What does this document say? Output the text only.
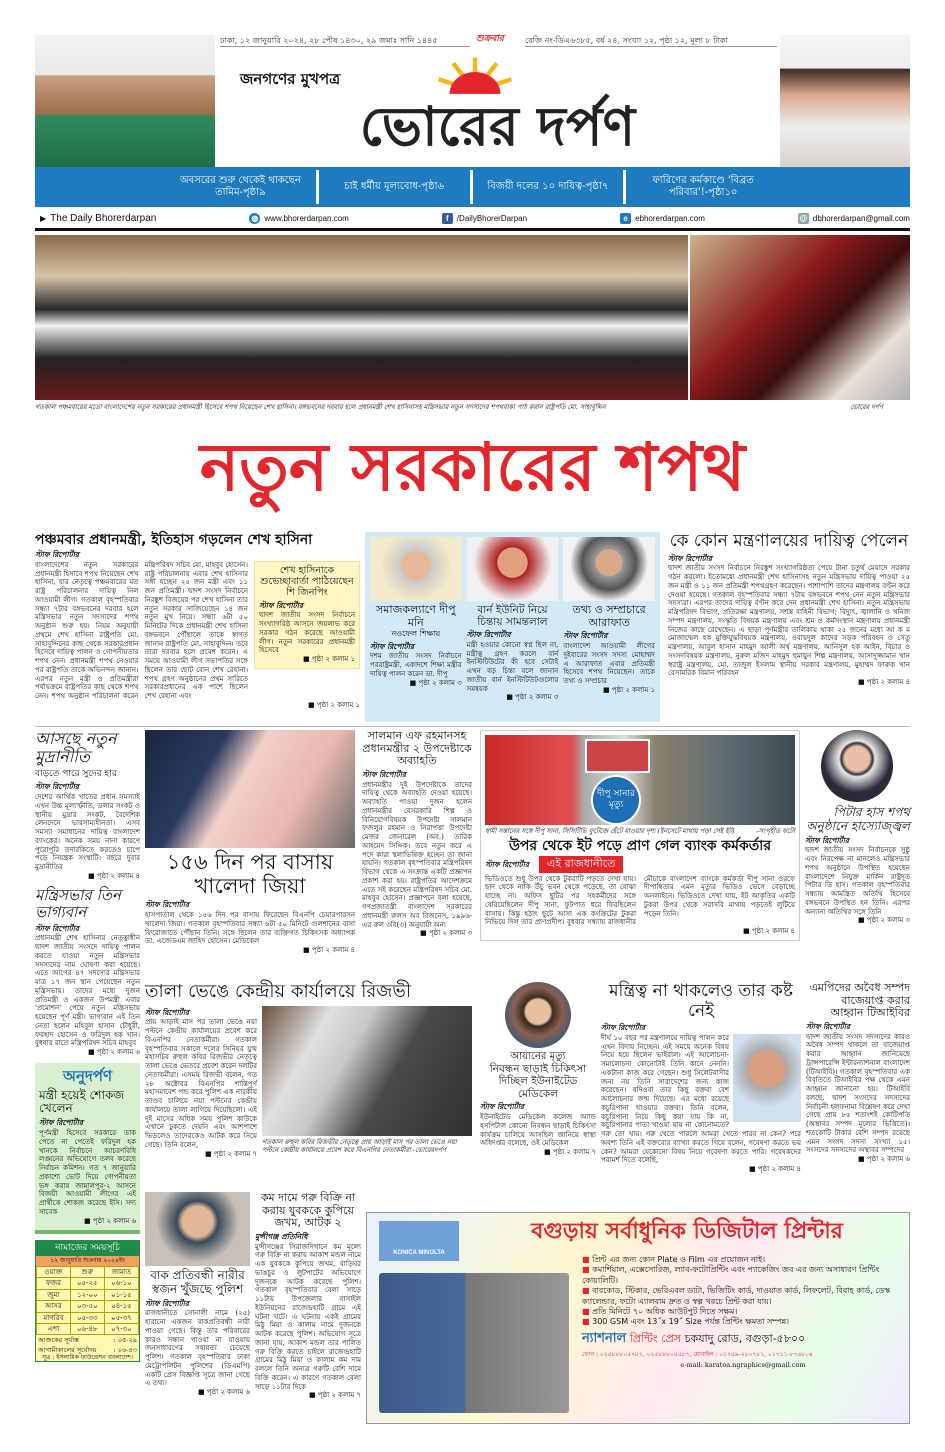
ঢাকা, ১২ জানুয়ারি ২০২৪, ২৮ পৌষ ১৪৩০, ২৯ জমাঃ সানি ১৪৪৫	শুক্রবার	রেজি নং-ডিএ৬৩৮৫, বর্ষ ২৪, সংখ্যা ১২, পৃষ্ঠা ১২, মূল্য ৮ টাকা
জনগণের মুখপত্র
ভোরের দর্পণ
অবসরের শুরু থেকেই থাকছেন তামিম-পৃষ্ঠা৯
চাই ধর্মীয় মূল্যবোধ-পৃষ্ঠা৬	বিজয়ী দলের ১০ দায়িত্ব-পৃষ্ঠা৭
ফারিণের কর্মকাণ্ডে 'বিব্রত পরিবার'!-পৃষ্ঠা১০
▶ The Daily Bhorerdarpan	◍ www.bhorerdarpan.com	f	/DailyBhorerDarpan	e ebhorerdarpan.com	@ dbhorerdarpan@gmail.com
গতকাল পঞ্চমবারের মতো বাংলাদেশের নতুন সরকারের প্রধানমন্ত্রী হিসেবে শপথ নিয়েছেন শেখ হাসিনা। বঙ্গভবনের দরবার হলে প্রধানমন্ত্রী শেখ হাসিনাসহ মন্ত্রিসভার নতুন সদস্যদের শপথবাক্য পাঠ করান রাষ্ট্রপতি মো. সাহাবুদ্দিন	ভোরের দর্পণ
নতুন সরকারের শপথ
পঞ্চমবার প্রধানমন্ত্রী, ইতিহাস গড়লেন শেখ হাসিনা
স্টাফ রিপোর্টার
বাংলাদেশের নতুন সরকারের প্রধানমন্ত্রী হিসাবে শপথ নিয়েছেন শেখ হাসিনা, যার নেতৃত্বে পঞ্চমবারের মত রাষ্ট্র পরিচালনার দায়িত্ব নিল আওয়ামী লীগ। গতকাল বৃহস্পতিবার সন্ধ্যা ৭টার বঙ্গভবনের দরবার হলে মন্ত্রিসভার নতুন সদস্যদের শপথ অনুষ্ঠান শুরু হয়। নিয়ম অনুযায়ী প্রথমে শেখ হাসিনা রাষ্ট্রপতি মো. সাহাবুদ্দিনের কাছ থেকে সরকারপ্রধান হিসেবে দায়িত্ব পালন ও গোপনীয়তার শপথ নেন। প্রধানমন্ত্রী শপথ নেওয়ার পর রাষ্ট্রপতি তাকে অভিনন্দন জানান। এরপর নতুন মন্ত্রী ও প্রতিমন্ত্রীরা পর্যায়ক্রমে রাষ্ট্রপতির কাছ থেকে শপথ নেন। শপথ অনুষ্ঠান পরিচালনা করেন মন্ত্রিপরিষদ সচিব মো. মাহবুব হোসেন। রাষ্ট্র পরিচালনায় এবার শেখ হাসিনার সঙ্গী হচ্ছেন ২৫ জন মন্ত্রী এবং ১১ জন প্রতিমন্ত্রী। দ্বাদশ সংসদ নির্বাচনে নিরঙ্কুশ বিজয়ের পর শেখ হাসিনা তার নতুন সরকার সাজিয়েছেন ১৪ জন নতুন মুখ নিয়ে। সন্ধ্যা ৬টা ৫০ মিনিটের দিকে প্রধানমন্ত্রী শেখ হাসিনা বঙ্গভবনে পৌঁছালে তাকে স্বাগত জানান রাষ্ট্রপতি মো. সাহাবুদ্দিন। তবে তারা দরবার হলে প্রবেশ করেন। এ সময়ে আওয়ামী লীগ সভাপতির সঙ্গে ছিলেন তার ছোট বোন শেখ রেহানা। শপথ গ্রহণ অনুষ্ঠানের প্রথম সারিতে সরকারপ্রধানের এক পাশে ছিলেন শেখ রেহানা এবং
শেখ হাসিনাকে শুভেচ্ছাবার্তা পাঠিয়েছেন শি জিনপিং
স্টাফ রিপোর্টার
দ্বাদশ জাতীয় সংসদ নির্বাচনে সংখ্যাগরিষ্ঠ আসনে জয়লাভ করে সরকার গঠন করেছে আওয়ামী লীগ। নতুন সরকারের প্রধানমন্ত্রী হিসেবে
■ পৃষ্ঠা ২ কলাম ১
■ পৃষ্ঠা ২ কলাম ১
সমাজকল্যাণে দীপু মনি
নওফেল শিক্ষায়
স্টাফ রিপোর্টার
দশম জাতীয় সংসদ নির্বাচনে পররাষ্ট্রমন্ত্রী, একাদশে শিক্ষা মন্ত্রীর দায়িত্ব পালন করেন ডা. দীপু
■ পৃষ্ঠা ২ কলাম ৩
বার্ন ইউনিট নিয়ে চিন্তায় সামন্তলাল
স্টাফ রিপোর্টার
মন্ত্রী হওয়ার কোনো স্বপ্ন ছিল না, মন্ত্রীত্ব গ্রহণ করলে বার্ন ইনস্টিটিউটের কী হবে সেটাই এখন বড় চিন্তা বলে জানান জাতীয় বার্ন ইনস্টিটিউটগুলোর সমন্বয়ক
■ পৃষ্ঠা ২ কলাম ৩
তথ্য ও সম্প্রচারে আরাফাত
স্টাফ রিপোর্টার
বাংলাদেশ আওয়ামী লীগের দুইবারের সংসদ সদস্য মোহাম্মদ এ আরাফাত এবার প্রতিমন্ত্রী হিসেবে শপথ নিয়েছেন। তাকে তথ্য ও সম্প্রচার
■ পৃষ্ঠা ২ কলাম ১
কে কোন মন্ত্রণালয়ের দায়িত্ব পেলেন
স্টাফ রিপোর্টার
দ্বাদশ জাতীয় সংসদ নির্বাচনে নিরঙ্কুশ সংখ্যাগরিষ্ঠতা পেয়ে টানা চতুর্থ মেয়াদে সরকার গঠন করলো। ইতোমধ্যে প্রধানমন্ত্রী শেখ হাসিনাসহ নতুন মন্ত্রিসভায় দায়িত্ব পাওয়া ২৫ জন মন্ত্রী ও ১১ জন প্রতিমন্ত্রী শপথগ্রহণ করেছেন। পাশাপাশি তাদের মন্ত্রণালয় বণ্টন করে দেওয়া হয়েছে। গতকাল বৃহস্পতিবার সন্ধ্যা ৭টায় বঙ্গভবনে শপথ নেন নতুন মন্ত্রিসভার সদস্যরা। এরপর তাদের দায়িত্ব বণ্টন করে দেন প্রধানমন্ত্রী শেখ হাসিনা। নতুন মন্ত্রিসভায় মন্ত্রিপরিষদ বিভাগ, প্রতিরক্ষা মন্ত্রণালয়, সশস্ত্র বাহিনী বিভাগ; বিদ্যুৎ, জ্বালানি ও খনিজ সম্পদ মন্ত্রণালয়, সংস্কৃতি বিষয়ক মন্ত্রণালয় এবং শ্রম ও কর্মসংস্থান মন্ত্রণালয় প্রধানমন্ত্রী নিজের কাছে রেখেছেন। এ ছাড়া পূর্ণমন্ত্রীর তালিকায় থাকা ২৫ জনের মধ্যে আ ক ম মোজাম্মেল হক মুক্তিযুদ্ধবিষয়ক মন্ত্রণালয়, ওবায়দুল কাদের সড়ক পরিবহন ও সেতু মন্ত্রণালয়, আবুল হাসান মাহমুদ আলী অর্থ মন্ত্রণালয়, আনিসুল হক আইন, বিচার ও সংসদবিষয়ক মন্ত্রণালয়, নুরুল মজিদ মাহমুদ হুমায়ুন শিল্প মন্ত্রণালয়, আসাদুজ্জামান খান স্বরাষ্ট্র মন্ত্রণালয়, মো. তাজুল ইসলাম স্থানীয় সরকার মন্ত্রণালয়, মুহাম্মদ ফারুক খান বেসামরিক বিমান পরিবহন
■ পৃষ্ঠা ২ কলাম ৪
আসছে নতুন মুদ্রানীতি
বাড়তে পারে সুদের হার
স্টাফ রিপোর্টার
দেশের আর্থিক খাতের প্রধান সমস্যাই এখন উচ্চ মূল্যস্ফীতি, ডলার সংকট ও স্থানীয় মুদ্রার সংকট, বৈদেশিক লেনদেনে ভারসাম্যহীনতা। এসব সমস্যা সমাধানের দায়িত্ব বাংলাদেশ ব্যাংকের। অনেক সময় নানা কারণে পুরোপুরি তদারকিতে করতেও চাপে পড়ে নিয়ন্ত্রক সংস্থাটি। বছরে দুবার মুদ্রানীতির
■ পৃষ্ঠা ২ কলাম ৪
মন্ত্রিসভার তিন ভাগ্যবান
স্টাফ রিপোর্টার
প্রধানমন্ত্রী শেখ হাসিনার নেতৃত্বাধীন দ্বাদশ জাতীয় সংসদে দায়িত্ব পালন করতে যাওয়া নতুন মন্ত্রিসভার সদস্যদের নাম ঘোষণা করা হয়েছে। এতে আগের ৪৭ সদস্যের মন্ত্রিসভার মাত্র ১৭ জন স্থান পেয়েছেন নতুন মন্ত্রিসভায়। তাদের মধ্যে দুজন প্রতিমন্ত্রী ও একজন উপমন্ত্রী এবার 'প্রমোশন' পেয়ে নতুন মন্ত্রিসভায় হয়েছেন পূর্ণ মন্ত্রী। ভাগ্যবান এই তিন নেতা হলেন মহিবুল হাসান চৌধুরী, ফরহাদ হোসেন ও ফরিদুল হক খান। বুধবার রাতে মন্ত্রিপরিষদ সচিব মাহবুব
■ পৃষ্ঠা ২ কলাম ৬
অনুদর্পণ
মন্ত্রী হয়েই শোকজ খেলেন
স্টাফ রিপোর্টার
পূর্ণমন্ত্রী হিসেবে সরকারে ডাক পেতে না পেতেই ফরিদুল হক খানকে নির্বাচনে আচরণবিধি লঙ্ঘনের অভিযোগে তলব করেছে নির্বাচন কমিশন। গত ৭ জানুয়ারি প্রকাশ্যে ভোট দিয়ে গোপনীয়তা ভঙ্গ করায় জামালপুর-২ আসনে বিজয়ী আওয়ামী লীগের এই প্রার্থীকে শোকজ করেছে ইসি। সদ্য সাবেক
■ পৃষ্ঠা ২ কলাম ৬
নামাজের সময়সূচি
১২ জানুয়ারি শুক্রবার ২০২৪ইং
ওয়াক্ত	শুরু	জামাত
ফজর	০৫-২৫	০৬-১০
জুমা	১২-০০	০১-১৫
আসর	০৩-৫০	০৪-১৫
মাগরিব	০৫-৩৩	০৫-৩৭
এশা	০৬-৪৮	০৭-৩০
আজকের সূর্যাস্ত	: ০৫-২৯
আগামীকালের সূর্যোদয়	: ০৬-৪৩
সূত্র : ইসলামিক ফাউন্ডেশন বাংলাদেশ।
১৫৬ দিন পর বাসায় খালেদা জিয়া
স্টাফ রিপোর্টার
হাসপাতাল থেকে ১৫৬ দিন পর বাসায় ফিরেছেন বিএনপি চেয়ারপারসন খালেদা জিয়া। গতকাল বৃহস্পতিবার সন্ধ্যা ৬টা ৫০ মিনিটে গুলশানের বাসা ফিরোজাতে পৌঁছান তিনি। সঙ্গে ছিলেন তার ব্যক্তিগত চিকিৎসক অধ্যাপক ডা. এজেডএম জাহিদ হোসেন। মেডিকেল
■ পৃষ্ঠা ২ কলাম ৪
সালমান এফ রহমানসহ প্রধানমন্ত্রীর ২ উপদেষ্টাকে অব্যাহতি
স্টাফ রিপোর্টার
প্রধানমন্ত্রীর দুই উপদেষ্টাকে তাদের দায়িত্ব থেকে অব্যাহতি দেওয়া হয়েছে। অব্যাহতি পাওয়া দুজন হলেন প্রধানমন্ত্রীর বেসরকারি শিল্প ও বিনিয়োগবিষয়ক উপদেষ্টা সালমান ফজলুর রহমান ও নিরাপত্তা উপদেষ্টা মেজর জেনারেল (অব.) তারিক আহমেদ সিদ্দিক। তবে নতুন করে এ পদে কারা স্থলাভিষিক্ত হচ্ছেন তা জানা যায়নি। গতকাল বৃহস্পতিবার মন্ত্রিপরিষদ বিভাগ থেকে এ সংক্রান্ত একটি প্রজ্ঞাপন প্রকাশ করা হয়। রাষ্ট্রপতির আদেশক্রমে এতে সই করেছেন মন্ত্রিপরিষদ সচিব মো. মাহবুব হোসেন। প্রজ্ঞাপনে বলা হয়েছে, গণপ্রজাতন্ত্রী বাংলাদেশ সরকারের প্রধানমন্ত্রী রুলস অব বিজনেস, ১৯৯৬-এর রুল ৩বি(৩) অনুযায়ী অন্য
■ পৃষ্ঠা ২ কলাম ৩
দীপু সানার মৃত্যু
স্বামী সন্তানের সঙ্গে দীপু সানা, সিসিটিভি ফুটেজে হেঁটে যাওয়ার দৃশ্য (ইনসেটে মাথায় পড়া সেই ইট)	-সংগৃহীত ফটো
উপর থেকে ইট পড়ে প্রাণ গেল ব্যাংক কর্মকর্তার
স্টাফ রিপোর্টার	এই রাজধানীতে
ভিডিওতে শুধু উপর থেকে টুকরাটি পড়তে দেখা যায়। ছাদ থেকে নাকি উঁচু ভবন থেকে পড়েছে, তা বোঝা যাচ্ছে না। অফিস ছুটির পর সহকর্মীদের সঙ্গে বেরিয়েছিলেন দীপু সানা, ফুটপাত ধরে ফিরছিলেন বাসায়। কিন্তু হঠাৎ ছুটে আসা এক কংক্রিটের টুকরা নিভিয়ে দিল তার প্রাণপ্রদীপ। বুধবার সন্ধ্যায় রাজধানীর মৌচাকে বাংলাদেশ ব্যাংকে কর্মকর্তা দীপু সানা ওরফে দীপাম্বিতার এমন মৃত্যুর ভিডিও ভেসে বেড়াচ্ছে অনলাইনে। ভিডিওতে দেখা যায়, ইট আকৃতির একটি টুকরা উপর থেকে সরাসরি মাথায় পড়তেই লুটিয়ে পড়েন তিনি।
■ পৃষ্ঠা ২ কলাম ৪
পিটার হাস শপথ অনুষ্ঠানে হাস্যোজ্জ্বল
স্টাফ রিপোর্টার
দ্বাদশ জাতীয় সংসদ নির্বাচনকে সুষ্ঠু এবং নিরপেক্ষ না মানলেও মন্ত্রিসভার শপথ অনুষ্ঠানে উপস্থিত হয়েছেন বাংলাদেশে নিযুক্ত মার্কিন রাষ্ট্রদূত পিটার ডি হাস। গতকাল বৃহস্পতিবার সন্ধ্যায় আমন্ত্রিত অতিথি হিসেবে বঙ্গভবনে উপস্থিত হন তিনি। এরপর অন্যান্য অতিথির সঙ্গে তিনি
■ পৃষ্ঠা ২ কলাম ৩
তালা ভেঙে কেন্দ্রীয় কার্যালয়ে রিজভী
স্টাফ রিপোর্টার
প্রায় আড়াই মাস পর তালা ভেঙে নয়া পল্টনে কেন্দ্রীয় কার্যালয়ের প্রবেশ করে বিএনপির নেতাকর্মীরা। গতকাল বৃহস্পতিবার সকালে দলের সিনিয়র যুগ্ম মহাসচিব রুহুল কবির রিজভীর নেতৃত্বে তালা ভেঙে ভেতরে প্রবেশ করেন দলটির নেতাকর্মীরা। এসময় রিজভী বলেন, গত ২৮ অক্টোবর বিএনপির শান্তিপূর্ণ মহাসমাবেশ পন্ড করে পুলিশ এক নারকীয় তাণ্ডব চালিয়ে নয়া পল্টনের কেন্দ্রীয় কার্যালয়ে তালা লাগিয়ে দিয়েছিলো। এই দুই মাসের অধিক সময় পুলিশ কাউকে এখানে ঢুকতে দেয়নি এবং আশপাশে ভিড়লেও তাদেরকেও আটক করে নিয়ে গেছে। তিনি বলেন,
■ পৃষ্ঠা ২ কলাম ৭
গতকাল রুহুল কবির রিজভীর নেতৃত্বে প্রায় আড়াই মাস পর তালা ভেঙে নয়া পল্টনে কেন্দ্রীয় কার্যালয়ে প্রবেশ করে বিএনপির নেতাকর্মীরা -ভোরেরদর্পণ
আয়ানের মৃত্যু
নিবন্ধন ছাড়াই চিকিৎসা দিচ্ছিল ইউনাইটেড মেডিকেল
স্টাফ রিপোর্টার
ইউনাইটেড মেডিকেল কলেজ অ্যান্ড হসপিটাল কোনো নিবন্ধন ছাড়াই চিকিৎসা কার্যক্রম চালিয়ে আসছিল জানিয়ে স্বাস্থ্য অধিদপ্তর বলেছে, ওই মেডিকেল
■ পৃষ্ঠা ২ কলাম ৭
মন্ত্রিত্ব না থাকলেও তার কষ্ট নেই
স্টাফ রিপোর্টার
দীর্ঘ ১০ বছর পর মন্ত্রণালয়ে দায়িত্ব পালন করে এখন বিদায় নিচ্ছেন। এই সময়ে অনেক বিষয় নিয়ে হয়ে ছিলেন ভাইরাল। এই আলোচনা-সমালোচনা কোনোটাই তিনি কানে নেননি। একটানা কাজ করে গেছেন। শুধু সিলেটবাসীর জন্য নয় তিনি সারাদেশের জন্য কাজ করেছেন। যদিওবা তার কিছু বক্তব্য বেশ আলোচনার জন্ম দিয়েছে। এর মধ্যে রয়েছে কচুরিপানা খাওয়ার বক্তব্য। তিনি বলেন, কচুরিপানা নিয়ে কিছু করা যায় কি না, কচুরিপানার পাতা খাওয়া যায় না কোনোমতে? গরু তো খায়। গরু খেতে পারলে আমরা খেতে পারব না কেন? পরে অবশ্য তিনি এই বক্তব্যের ব্যাখ্যা করতে গিয়ে বলেন, গবেষণা করতে ভয় কেন? আমরা যেকোনো বিষয় নিয়ে গবেষণা করতে পারি। গবেষকদের পরামর্শ দিতে বলেছি,
■ পৃষ্ঠা ২ কলাম ৪
এমপিদের অবৈধ সম্পদ বাজেয়াপ্ত করার আহ্বান টিআইবির
স্টাফ রিপোর্টার
দ্বাদশ জাতীয় সংসদ সদস্যদের কারও অবৈধ সম্পদ থাকলে তা বাজেয়াপ্ত করার আহ্বান জানিয়েছে ট্রান্সপারেন্সি ইন্টারন্যাশনাল বাংলাদেশ (টিআইবি)। গতকাল বৃহস্পতিবার এক বিবৃতিতে টিআইবির পক্ষ থেকে এমন আহ্বান জানানো হয়। টিআইবি বলছে, দ্বাদশ সংসদের সদস্যদের নির্বাচনী হলফনামা বিশ্লেষণ করে দেখা গেছে প্রায় ৮৫ শতাংশই কোটিপতি (অস্থাবর সম্পদ মূল্যের ভিত্তিতে)। শতকোটি টাকার বেশি সম্পদ রয়েছে এমন সংসদ সদস্য সংখ্যা ১৫। সংসদের সদস্যদের অস্থাবর সম্পদের
■ পৃষ্ঠা ২ কলাম ৬
বাক প্রতিবন্ধী নারীর স্বজন খুঁজছে পুলিশ
স্টাফ রিপোর্টার
রাজধানীতে সোনালী নামে (২৫) হারানো একজন বাকপ্রতিবন্ধী নারী পাওয়া গেছে। কিন্তু তার পরিবারের কারও সন্ধান পাওয়া না যাওয়ায় জনসাধারণের সহায়তা চেয়েছে পুলিশ। গতকাল বৃহস্পতিবার ঢাকা মেট্রোপলিটন পুলিশের (ডিএমপি) একটি প্রেস বিজ্ঞপ্তি সূত্রে জানা গেছে এ তথ্য।
■ পৃষ্ঠা ২ কলাম ৬
কম দামে গরু বিক্রি না করায় যুবককে কুপিয়ে জখম, আটক ২
মুন্সীগঞ্জ প্রতিনিধি
মুন্সীগঞ্জের সিরাজদিখানে কম মূল্যে গরু বিক্রি না করায় আকাশ মন্ডল নামে এক যুবককে কুপিয়ে জখম, বাড়িঘর ভাঙচুর ও লুটপাটের অভিযোগে দুজনকে আটক করেছে পুলিশ। গতকাল বৃহস্পতিবার বেলা সাড়ে ১১টায় উপজেলার বাসাইল ইউনিয়নের রাজেন্দ্রহাটি গ্রামে এই ঘটনা ঘটে। এ ঘটনায় একই গ্রামের মিঠু মিয়া ও কালাম নামে দুজনকে আটক করেছে পুলিশ। অভিযোগ সূত্রে জানা যায়, আকাশ মন্ডল তার পালিত গরু বিক্রি করতে চাইলে রাজেন্দ্রহাটি গ্রামের মিঠু মিয়া ও কালাম কম দাম বললে তিনি অন্যত্র গরুটি বেশি দামে বিক্রি করেন। এ কারণে গতকাল বেলা সাড়ে ১১টার দিকে
■ পৃষ্ঠা ২ কলাম ৭
KONICA MINOLTA
বগুড়ায় সর্বাধুনিক ডিজিটাল প্রিন্টার
■ প্রিন্ট এর জন্য কোন Plate ও Film এর প্রয়োজন নাই।
■ কমার্শিয়াল, এক্সেসোরিজ, ল্যাব-ফটোপ্রিন্টিং এবং প্যাকেজিং জব এর জন্য অসাধারণ প্রিন্টিং কোয়ালিটি।
■ বারকোড, স্টিকার, ভেরিএবল ডাটা, ভিজিটিং কার্ড, দাওয়াত কার্ড, লিফলেট, বিবাহ কার্ড, ডেস্ক ক্যালেন্ডার, ফটো এ্যালবাম দ্রুত ও স্বল্প খরচে প্রিন্ট করা যায়।
■ প্রতি মিনিটে ৭০ অধিক আউটপুট দিতে সক্ষম।
■ 300 GSM এবং 13˝x 19˝ Size পর্যন্ত প্রিন্টিং ক্ষমতা সম্পন্ন।
ন্যাশনাল প্রিন্টিং প্রেস চকযাদু রোড, বগুড়া-৫৮০০
ফোন : ০২৫৮৮৮০৫৭৮১, ০২৫৮৮৮০৫৫৮৭, মোবাইল : ০১৭৫৯-২৮০৭৮১, ০১৭১১-৮৭৬৮০৪
e-mail: karatoa.ngraphics@gmail.com
